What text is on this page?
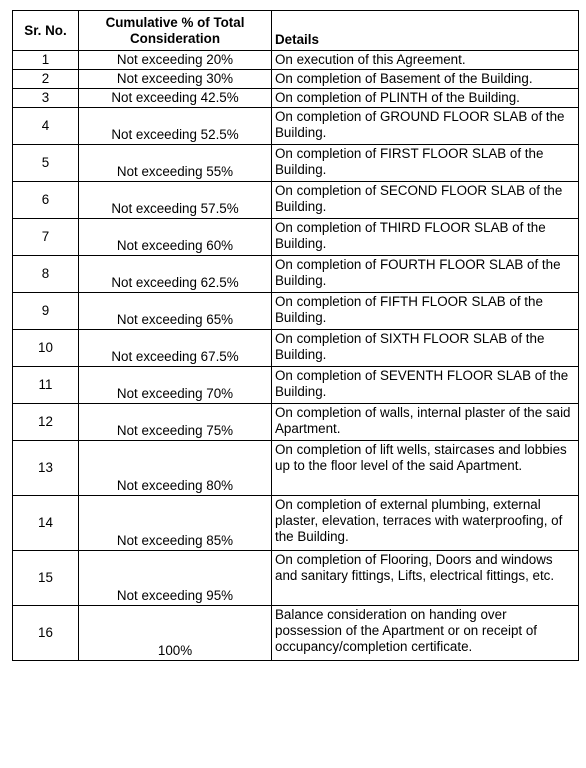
Sr. No.	Cumulative % of Total Consideration	Details
1	Not exceeding 20%	On execution of this Agreement.
2	Not exceeding 30%	On completion of Basement of the Building.
3	Not exceeding 42.5%	On completion of PLINTH of the Building.
4	Not exceeding 52.5%	On completion of GROUND FLOOR SLAB of the Building.
5	Not exceeding 55%	On completion of FIRST FLOOR SLAB of the Building.
6	Not exceeding 57.5%	On completion of SECOND FLOOR SLAB of the Building.
7	Not exceeding 60%	On completion of THIRD FLOOR SLAB of the Building.
8	Not exceeding 62.5%	On completion of FOURTH FLOOR SLAB of the Building.
9	Not exceeding 65%	On completion of FIFTH FLOOR SLAB of the Building.
10	Not exceeding 67.5%	On completion of SIXTH FLOOR SLAB of the Building.
11	Not exceeding 70%	On completion of SEVENTH FLOOR SLAB of the Building.
12	Not exceeding 75%	On completion of walls, internal plaster of the said Apartment.
13	Not exceeding 80%	On completion of lift wells, staircases and lobbies up to the floor level of the said Apartment.
14	Not exceeding 85%	On completion of external plumbing, external plaster, elevation, terraces with waterproofing, of the Building.
15	Not exceeding 95%	On completion of Flooring, Doors and windows and sanitary fittings, Lifts, electrical fittings, etc.
16	100%	Balance consideration on handing over possession of the Apartment or on receipt of occupancy/completion certificate.
